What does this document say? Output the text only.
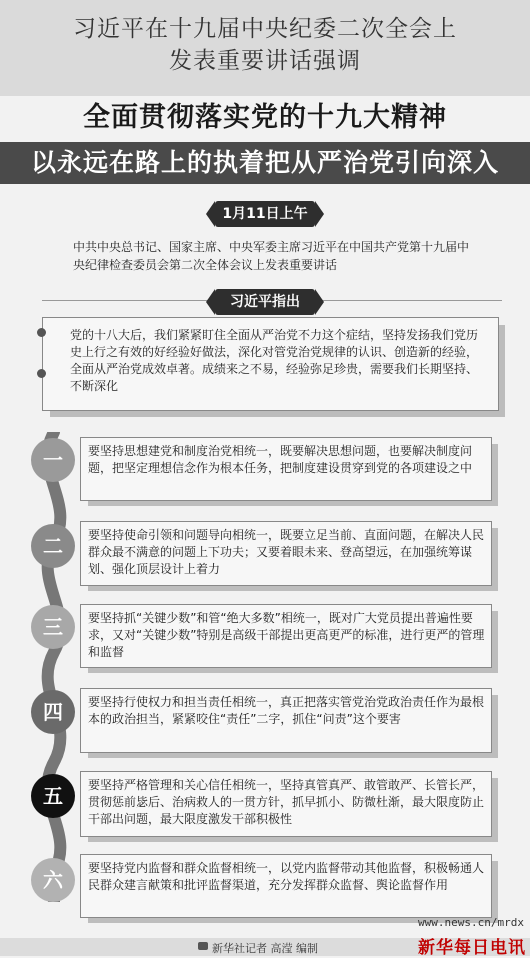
习近平在十九届中央纪委二次全会上
发表重要讲话强调
全面贯彻落实党的十九大精神
以永远在路上的执着把从严治党引向深入
1月11日上午
中共中央总书记、国家主席、中央军委主席习近平在中国共产党第十九届中央纪律检查委员会第二次全体会议上发表重要讲话
习近平指出
党的十八大后，我们紧紧盯住全面从严治党不力这个症结，坚持发扬我们党历史上行之有效的好经验好做法，深化对管党治党规律的认识、创造新的经验，全面从严治党成效卓著。成绩来之不易，经验弥足珍贵，需要我们长期坚持、不断深化
要坚持思想建党和制度治党相统一，既要解决思想问题，也要解决制度问题，把坚定理想信念作为根本任务，把制度建设贯穿到党的各项建设之中
一
要坚持使命引领和问题导向相统一，既要立足当前、直面问题，在解决人民群众最不满意的问题上下功夫；又要着眼未来、登高望远，在加强统筹谋划、强化顶层设计上着力
二
要坚持抓“关键少数”和管“绝大多数”相统一，既对广大党员提出普遍性要求，又对“关键少数”特别是高级干部提出更高更严的标准，进行更严的管理和监督
三
要坚持行使权力和担当责任相统一，真正把落实管党治党政治责任作为最根本的政治担当，紧紧咬住“责任”二字，抓住“问责”这个要害
四
要坚持严格管理和关心信任相统一，坚持真管真严、敢管敢严、长管长严，贯彻惩前毖后、治病救人的一贯方针，抓早抓小、防微杜渐，最大限度防止干部出问题，最大限度激发干部积极性
五
要坚持党内监督和群众监督相统一，以党内监督带动其他监督，积极畅通人民群众建言献策和批评监督渠道，充分发挥群众监督、舆论监督作用
六
新华社记者 高滢 编制
www.news.cn/mrdx
新华每日电讯
